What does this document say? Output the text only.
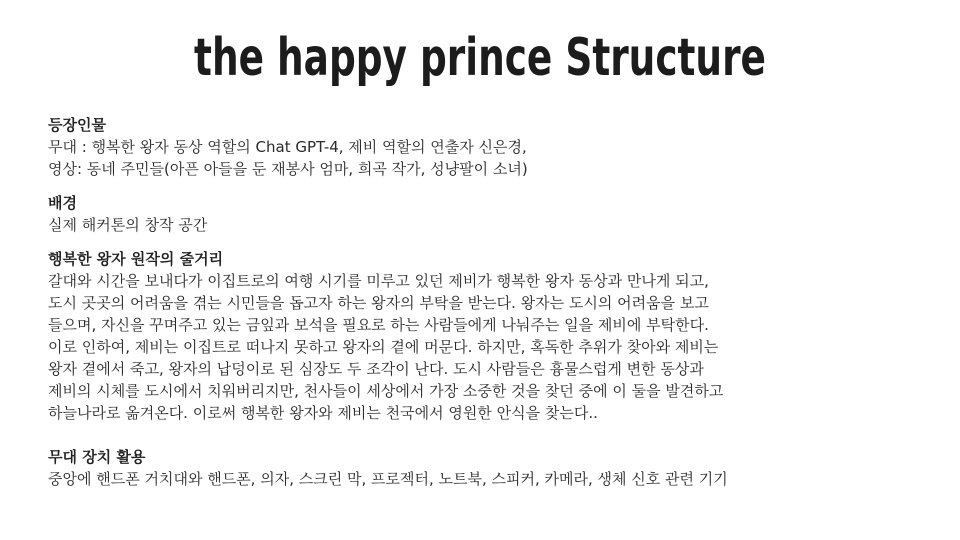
the happy prince Structure
등장인물
무대 : 행복한 왕자 동상 역할의 Chat GPT-4, 제비 역할의 연출자 신은경,
영상: 동네 주민들(아픈 아들을 둔 재봉사 엄마, 희곡 작가, 성냥팔이 소녀)
배경
실제 해커톤의 창작 공간
행복한 왕자 원작의 줄거리
갈대와 시간을 보내다가 이집트로의 여행 시기를 미루고 있던 제비가 행복한 왕자 동상과 만나게 되고,
도시 곳곳의 어려움을 겪는 시민들을 돕고자 하는 왕자의 부탁을 받는다. 왕자는 도시의 어려움을 보고
들으며, 자신을 꾸며주고 있는 금잎과 보석을 필요로 하는 사람들에게 나눠주는 일을 제비에 부탁한다.
이로 인하여, 제비는 이집트로 떠나지 못하고 왕자의 곁에 머문다. 하지만, 혹독한 추위가 찾아와 제비는
왕자 곁에서 죽고, 왕자의 납덩이로 된 심장도 두 조각이 난다. 도시 사람들은 흉물스럽게 변한 동상과
제비의 시체를 도시에서 치워버리지만, 천사들이 세상에서 가장 소중한 것을 찾던 중에 이 둘을 발견하고
하늘나라로 옮겨온다. 이로써 행복한 왕자와 제비는 천국에서 영원한 안식을 찾는다..
무대 장치 활용
중앙에 핸드폰 거치대와 핸드폰, 의자, 스크린 막, 프로젝터, 노트북, 스피커, 카메라, 생체 신호 관련 기기
